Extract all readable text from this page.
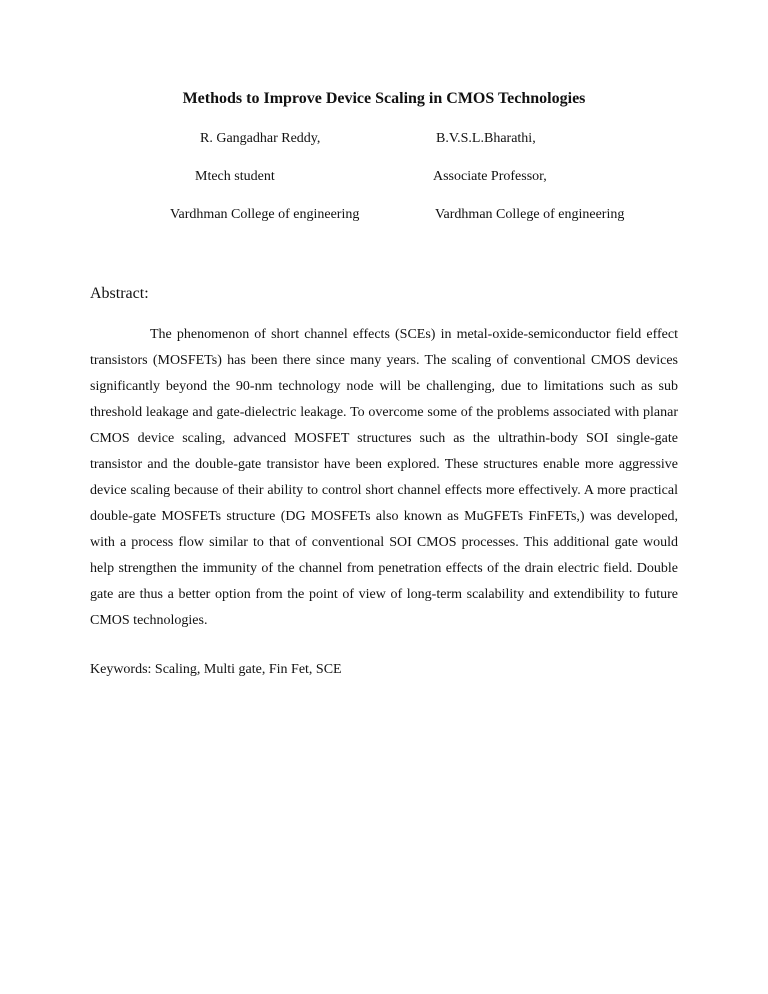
Methods to Improve Device Scaling in CMOS Technologies
R. Gangadhar Reddy,
Mtech student
Vardhman College of engineering
B.V.S.L.Bharathi,
Associate Professor,
Vardhman College of engineering
Abstract:
The phenomenon of short channel effects (SCEs) in metal-oxide-semiconductor field effect transistors (MOSFETs) has been there since many years. The scaling of conventional CMOS devices significantly beyond the 90-nm technology node will be challenging, due to limitations such as sub threshold leakage and gate-dielectric leakage. To overcome some of the problems associated with planar CMOS device scaling, advanced MOSFET structures such as the ultrathin-body SOI single-gate transistor and the double-gate transistor have been explored. These structures enable more aggressive device scaling because of their ability to control short channel effects more effectively. A more practical double-gate MOSFETs structure (DG MOSFETs also known as MuGFETs FinFETs,) was developed, with a process flow similar to that of conventional SOI CMOS processes. This additional gate would help strengthen the immunity of the channel from penetration effects of the drain electric field. Double gate are thus a better option from the point of view of long-term scalability and extendibility to future CMOS technologies.
Keywords: Scaling, Multi gate, Fin Fet, SCE
